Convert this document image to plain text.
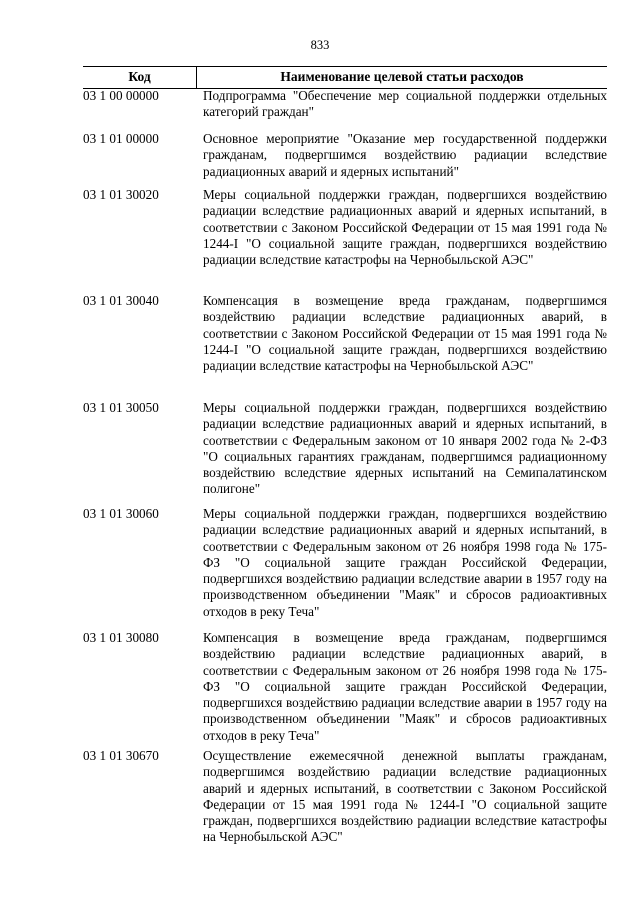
833
Код	Наименование целевой статьи расходов
03 1 00 00000	Подпрограмма "Обеспечение мер социальной поддержки отдельных категорий граждан"
03 1 01 00000	Основное мероприятие "Оказание мер государственной поддержки гражданам, подвергшимся воздействию радиации вследствие радиационных аварий и ядерных испытаний"
03 1 01 30020	Меры социальной поддержки граждан, подвергшихся воздействию радиации вследствие радиационных аварий и ядерных испытаний, в соответствии с Законом Российской Федерации от 15 мая 1991 года № 1244-I "О социальной защите граждан, подвергшихся воздействию радиации вследствие катастрофы на Чернобыльской АЭС"
03 1 01 30040	Компенсация в возмещение вреда гражданам, подвергшимся воздействию радиации вследствие радиационных аварий, в соответствии с Законом Российской Федерации от 15 мая 1991 года № 1244-I "О социальной защите граждан, подвергшихся воздействию радиации вследствие катастрофы на Чернобыльской АЭС"
03 1 01 30050	Меры социальной поддержки граждан, подвергшихся воздействию радиации вследствие радиационных аварий и ядерных испытаний, в соответствии с Федеральным законом от 10 января 2002 года № 2-ФЗ "О социальных гарантиях гражданам, подвергшимся радиационному воздействию вследствие ядерных испытаний на Семипалатинском полигоне"
03 1 01 30060	Меры социальной поддержки граждан, подвергшихся воздействию радиации вследствие радиационных аварий и ядерных испытаний, в соответствии с Федеральным законом от 26 ноября 1998 года № 175-ФЗ "О социальной защите граждан Российской Федерации, подвергшихся воздействию радиации вследствие аварии в 1957 году на производственном объединении "Маяк" и сбросов радиоактивных отходов в реку Теча"
03 1 01 30080	Компенсация в возмещение вреда гражданам, подвергшимся воздействию радиации вследствие радиационных аварий, в соответствии с Федеральным законом от 26 ноября 1998 года № 175-ФЗ "О социальной защите граждан Российской Федерации, подвергшихся воздействию радиации вследствие аварии в 1957 году на производственном объединении "Маяк" и сбросов радиоактивных отходов в реку Теча"
03 1 01 30670	Осуществление ежемесячной денежной выплаты гражданам, подвергшимся воздействию радиации вследствие радиационных аварий и ядерных испытаний, в соответствии с Законом Российской Федерации от 15 мая 1991 года № 1244-I "О социальной защите граждан, подвергшихся воздействию радиации вследствие катастрофы на Чернобыльской АЭС"
